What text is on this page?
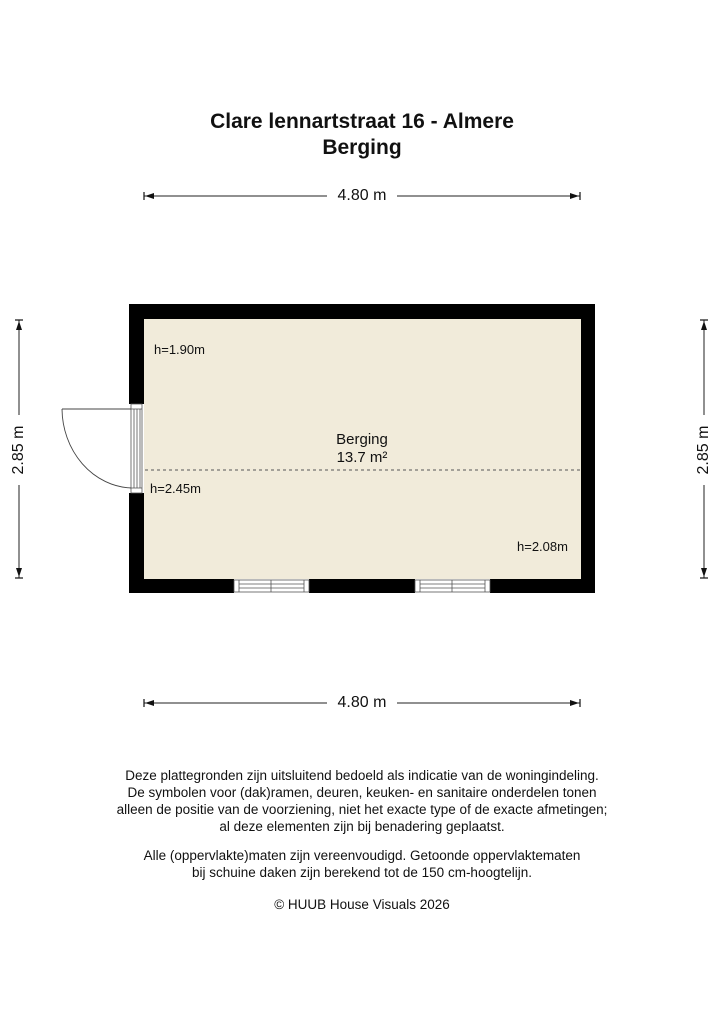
Clare lennartstraat 16 - Almere
Berging
4.80 m
4.80 m
2.85 m	2.85 m
h=1.90m
h=2.45m
h=2.08m
Berging
13.7 m²
Deze plattegronden zijn uitsluitend bedoeld als indicatie van de woningindeling.
De symbolen voor (dak)ramen, deuren, keuken- en sanitaire onderdelen tonen
alleen de positie van de voorziening, niet het exacte type of de exacte afmetingen;
al deze elementen zijn bij benadering geplaatst.
Alle (oppervlakte)maten zijn vereenvoudigd. Getoonde oppervlaktematen
bij schuine daken zijn berekend tot de 150 cm-hoogtelijn.
© HUUB House Visuals 2026
